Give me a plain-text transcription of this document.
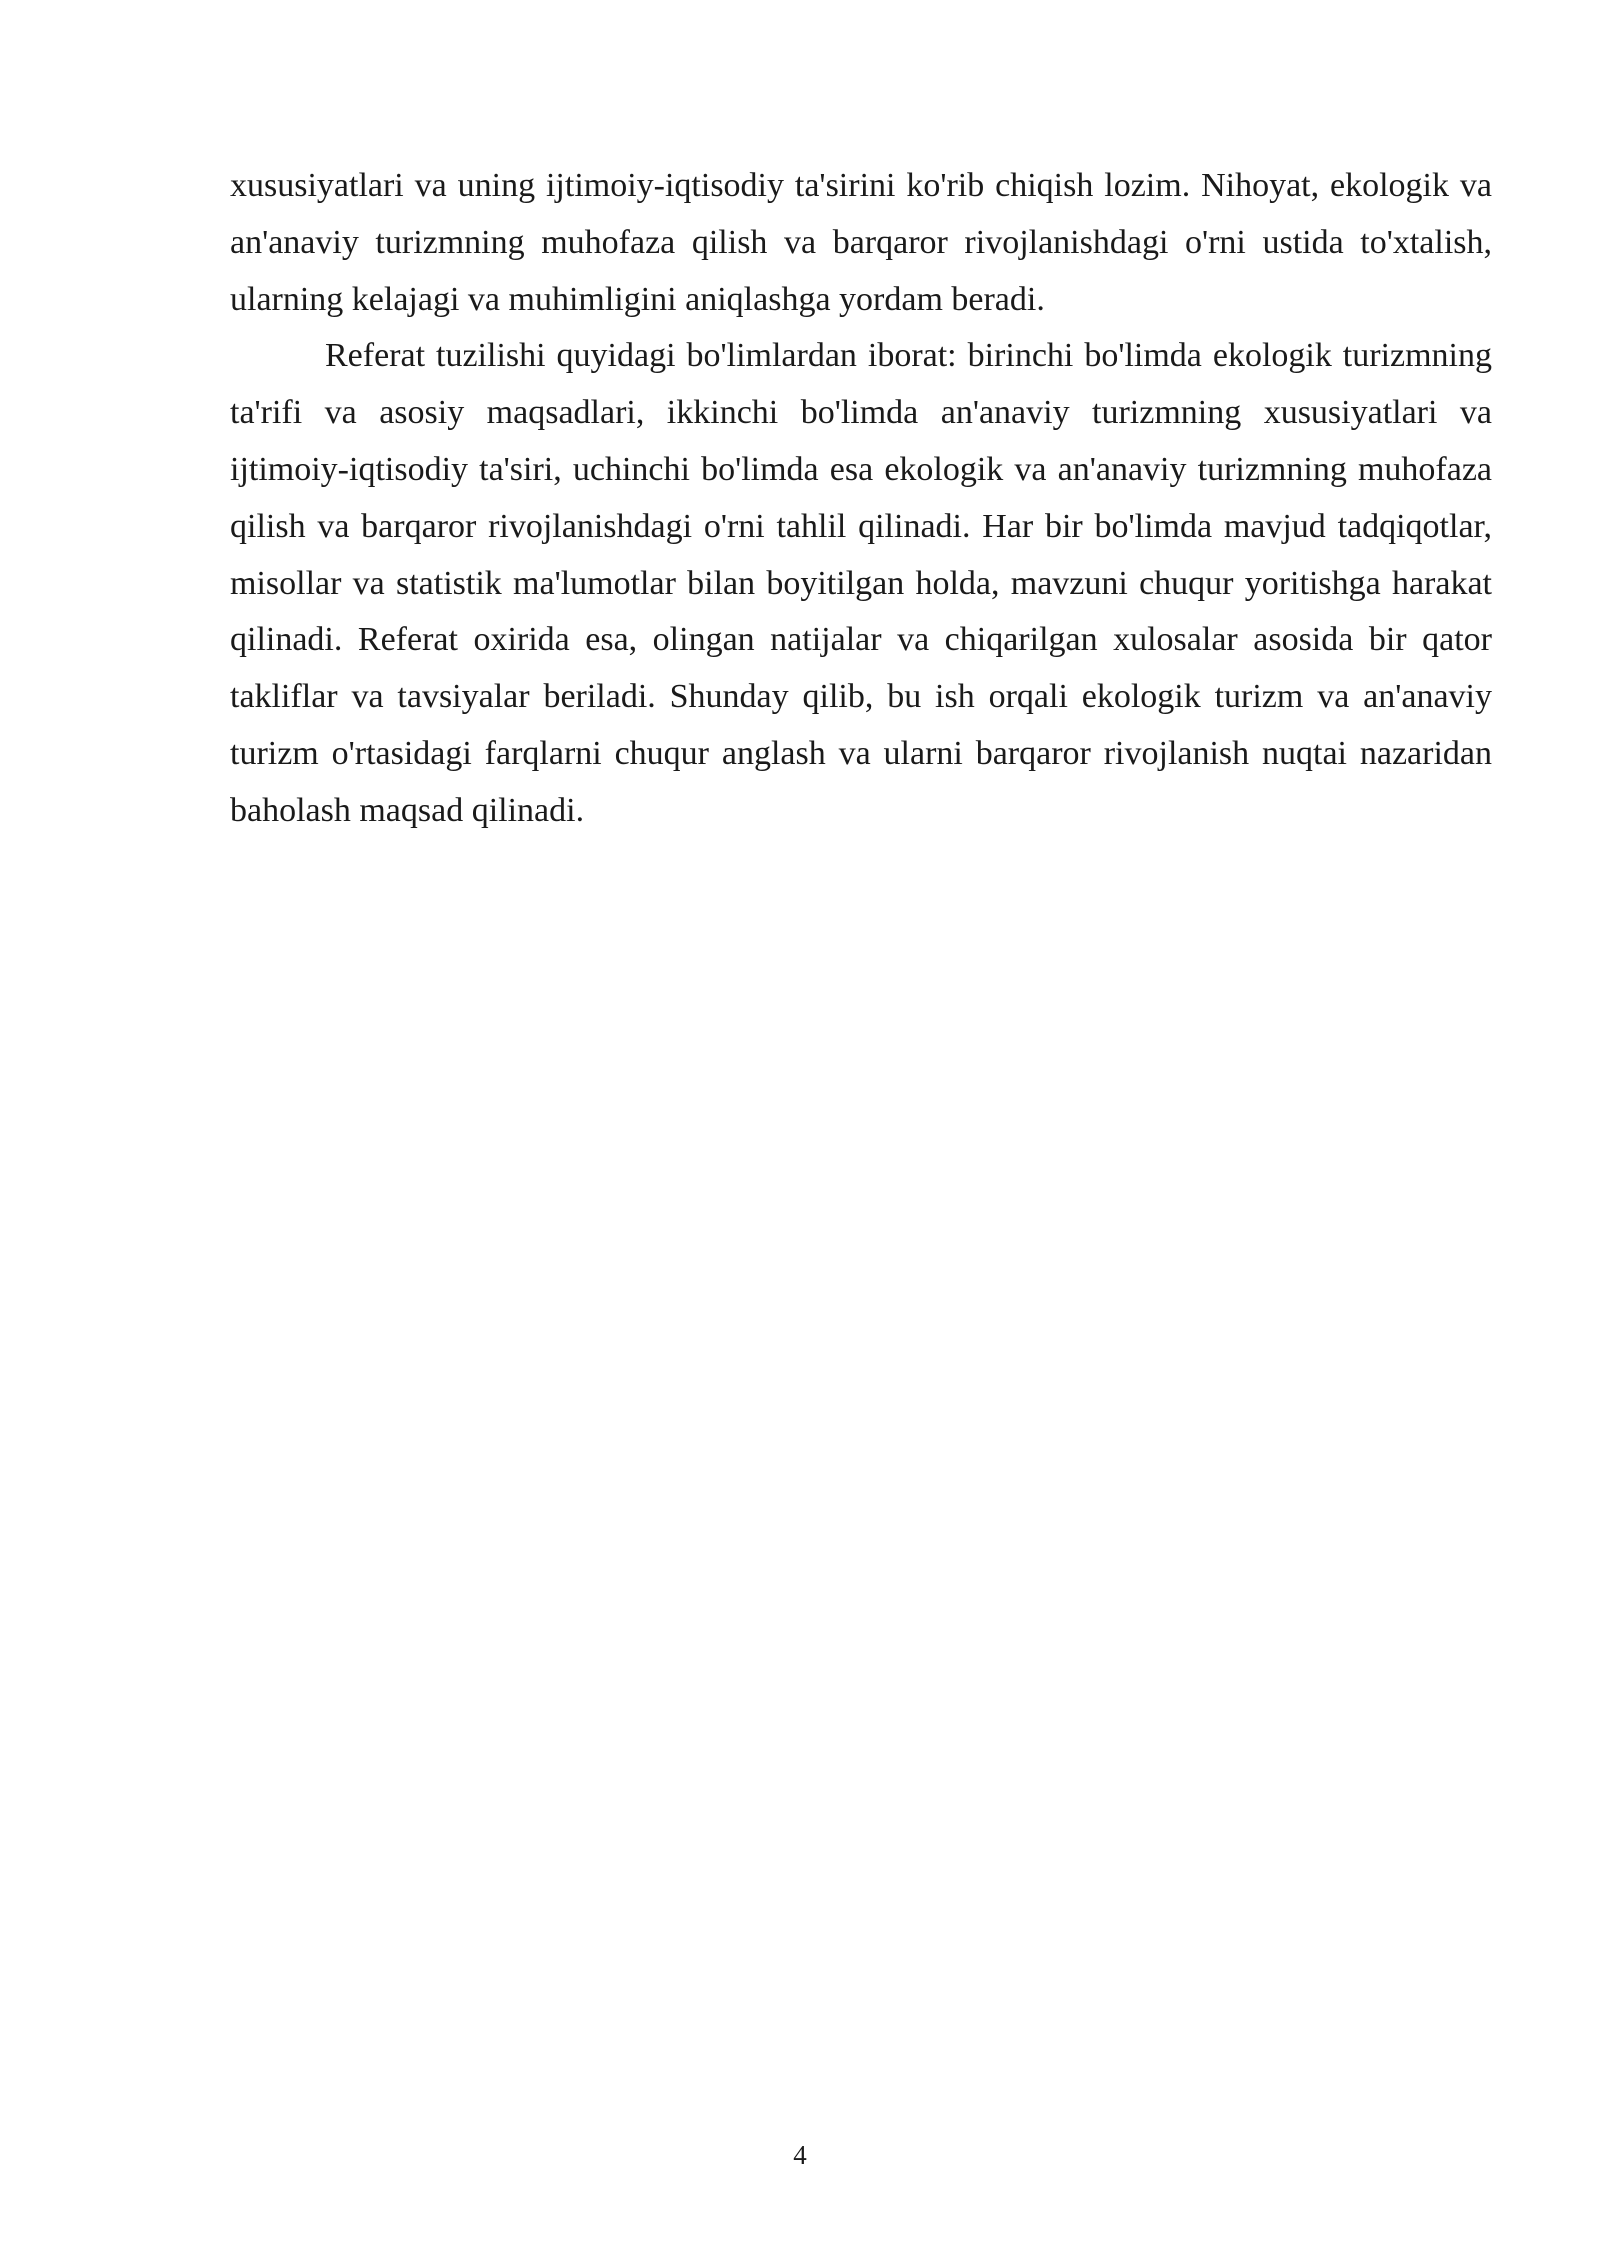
xususiyatlari va uning ijtimoiy-iqtisodiy ta'sirini ko'rib chiqish lozim. Nihoyat, ekologik va an'anaviy turizmning muhofaza qilish va barqaror rivojlanishdagi o'rni ustida to'xtalish, ularning kelajagi va muhimligini aniqlashga yordam beradi.

Referat tuzilishi quyidagi bo'limlardan iborat: birinchi bo'limda ekologik turizmning ta'rifi va asosiy maqsadlari, ikkinchi bo'limda an'anaviy turizmning xususiyatlari va ijtimoiy-iqtisodiy ta'siri, uchinchi bo'limda esa ekologik va an'anaviy turizmning muhofaza qilish va barqaror rivojlanishdagi o'rni tahlil qilinadi. Har bir bo'limda mavjud tadqiqotlar, misollar va statistik ma'lumotlar bilan boyitilgan holda, mavzuni chuqur yoritishga harakat qilinadi. Referat oxirida esa, olingan natijalar va chiqarilgan xulosalar asosida bir qator takliflar va tavsiyalar beriladi. Shunday qilib, bu ish orqali ekologik turizm va an'anaviy turizm o'rtasidagi farqlarni chuqur anglash va ularni barqaror rivojlanish nuqtai nazaridan baholash maqsad qilinadi.

4
